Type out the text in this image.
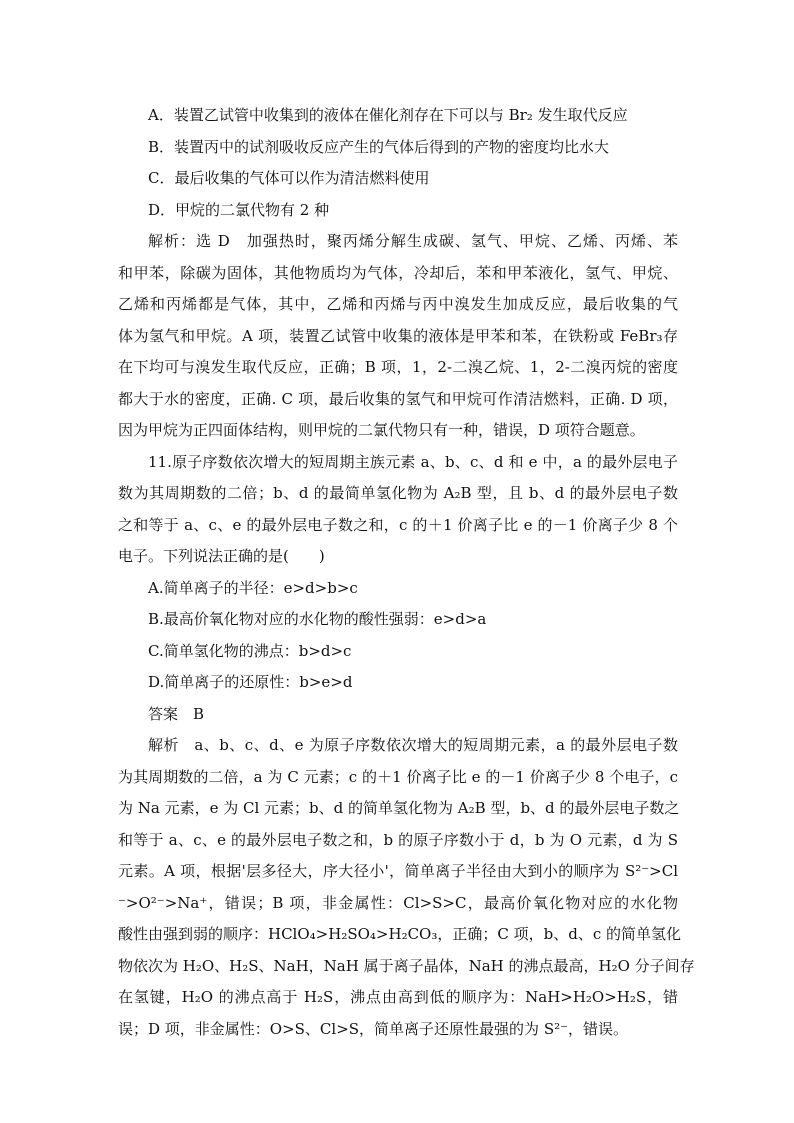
A．装置乙试管中收集到的液体在催化剂存在下可以与 Br₂ 发生取代反应
B．装置丙中的试剂吸收反应产生的气体后得到的产物的密度均比水大
C．最后收集的气体可以作为清洁燃料使用
D．甲烷的二氯代物有 2 种
解析：选 D　加强热时，聚丙烯分解生成碳、氢气、甲烷、乙烯、丙烯、苯
和甲苯，除碳为固体，其他物质均为气体，冷却后，苯和甲苯液化，氢气、甲烷、
乙烯和丙烯都是气体，其中，乙烯和丙烯与丙中溴发生加成反应，最后收集的气
体为氢气和甲烷。A 项，装置乙试管中收集的液体是甲苯和苯，在铁粉或 FeBr₃存
在下均可与溴发生取代反应，正确；B 项，1，2-二溴乙烷、1，2-二溴丙烷的密度
都大于水的密度，正确. C 项，最后收集的氢气和甲烷可作清洁燃料，正确. D 项，
因为甲烷为正四面体结构，则甲烷的二氯代物只有一种，错误，D 项符合题意。
11.原子序数依次增大的短周期主族元素 a、b、c、d 和 e 中，a 的最外层电子
数为其周期数的二倍；b、d 的最简单氢化物为 A₂B 型，且 b、d 的最外层电子数
之和等于 a、c、e 的最外层电子数之和，c 的＋1 价离子比 e 的－1 价离子少 8 个
电子。下列说法正确的是(　　)
A.简单离子的半径：e>d>b>c
B.最高价氧化物对应的水化物的酸性强弱：e>d>a
C.简单氢化物的沸点：b>d>c
D.简单离子的还原性：b>e>d
答案　B
解析　a、b、c、d、e 为原子序数依次增大的短周期元素，a 的最外层电子数
为其周期数的二倍，a 为 C 元素；c 的＋1 价离子比 e 的－1 价离子少 8 个电子，c
为 Na 元素，e 为 Cl 元素；b、d 的简单氢化物为 A₂B 型，b、d 的最外层电子数之
和等于 a、c、e 的最外层电子数之和，b 的原子序数小于 d，b 为 O 元素，d 为 S
元素。A 项，根据'层多径大，序大径小'，简单离子半径由大到小的顺序为 S²⁻>Cl
⁻>O²⁻>Na⁺，错误；B 项，非金属性：Cl>S>C，最高价氧化物对应的水化物
酸性由强到弱的顺序：HClO₄>H₂SO₄>H₂CO₃，正确；C 项，b、d、c 的简单氢化
物依次为 H₂O、H₂S、NaH，NaH 属于离子晶体，NaH 的沸点最高，H₂O 分子间存
在氢键，H₂O 的沸点高于 H₂S，沸点由高到低的顺序为：NaH>H₂O>H₂S，错
误；D 项，非金属性：O>S、Cl>S，简单离子还原性最强的为 S²⁻，错误。
